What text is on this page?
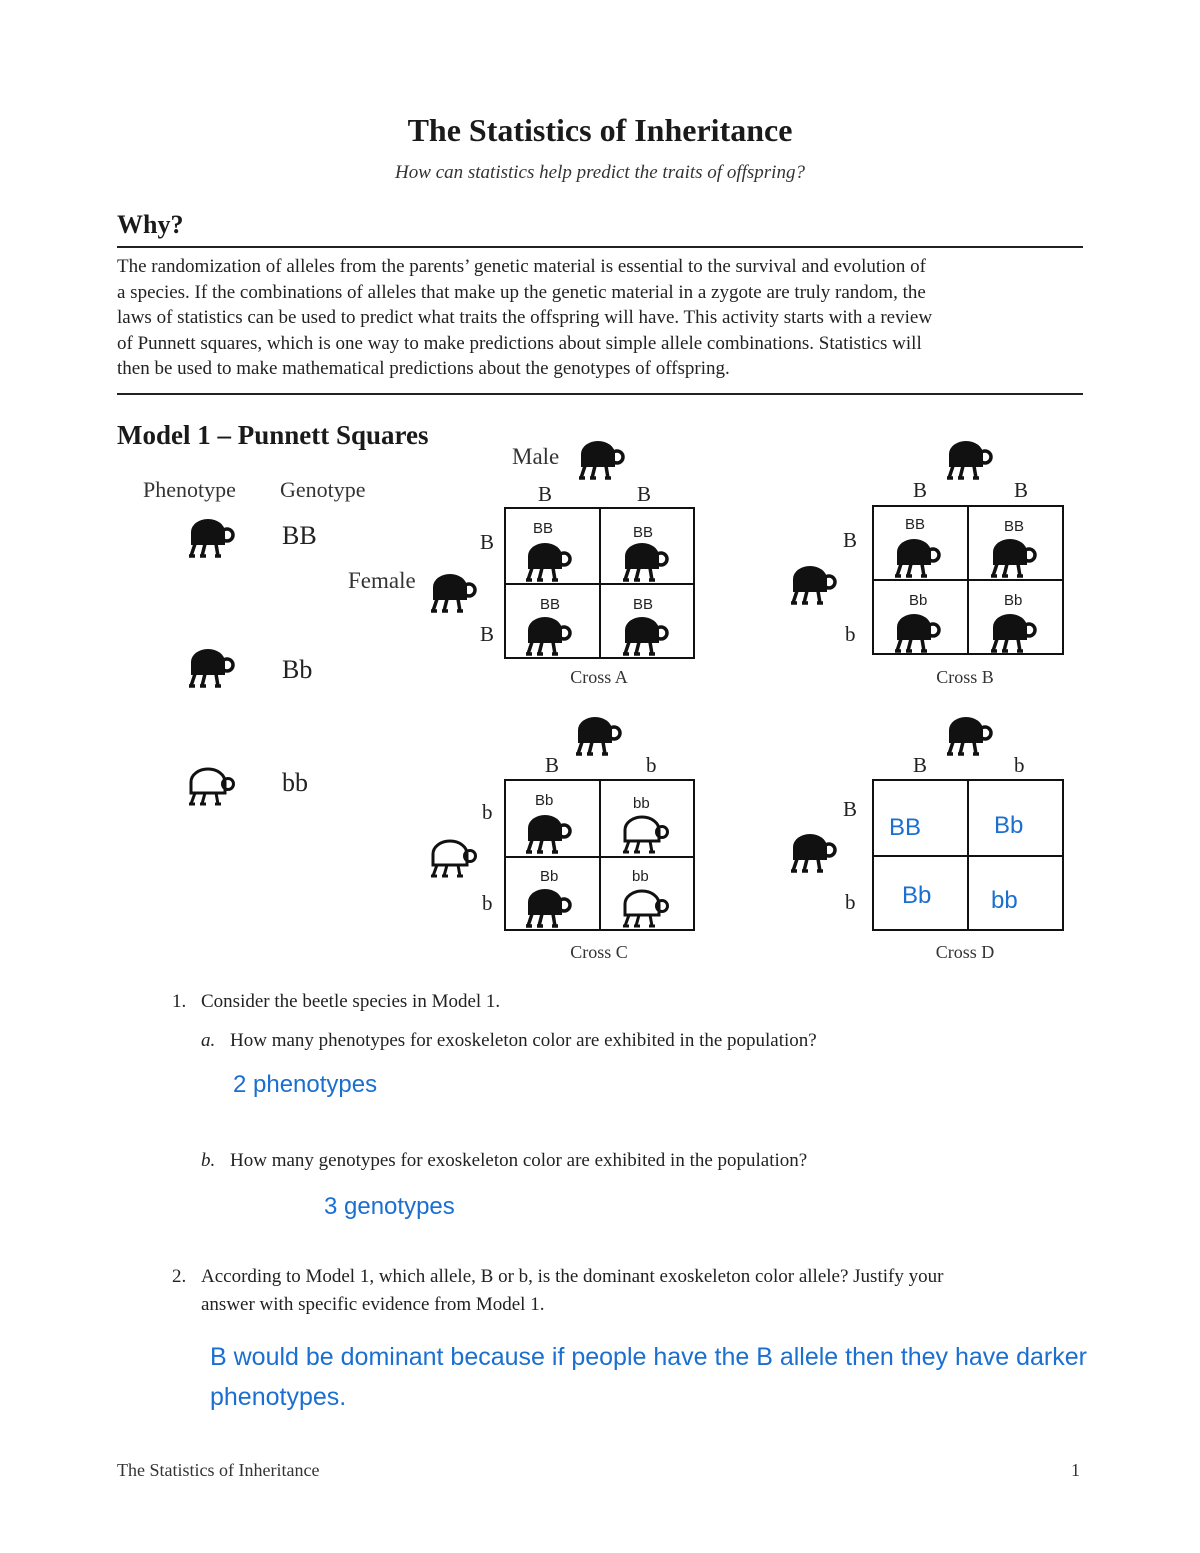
The Statistics of Inheritance
How can statistics help predict the traits of offspring?
Why?
The randomization of alleles from the parents’ genetic material is essential to the survival and evolution of
a species. If the combinations of alleles that make up the genetic material in a zygote are truly random, the
laws of statistics can be used to predict what traits the offspring will have. This activity starts with a review
of Punnett squares, which is one way to make predictions about simple allele combinations. Statistics will
then be used to make mathematical predictions about the genotypes of offspring.
Model 1 – Punnett Squares
Phenotype Genotype
BB
Bb
bb
Male
B	B
Female
B
B
BB	BB
BB	BB
Cross A
B	B
B
b
BB	BB
Bb	Bb
Cross B
B	b
b
b
Bb	bb
Bb	bb
Cross C
B	b
B
b
BB	Bb
Bb bb
Cross D
1. Consider the beetle species in Model 1.
a. How many phenotypes for exoskeleton color are exhibited in the population?
2 phenotypes
b. How many genotypes for exoskeleton color are exhibited in the population?
3 genotypes
2. According to Model 1, which allele, B or b, is the dominant exoskeleton color allele? Justify your
answer with specific evidence from Model 1.
B would be dominant because if people have the B allele then they have darker
phenotypes.
The Statistics of Inheritance	1
